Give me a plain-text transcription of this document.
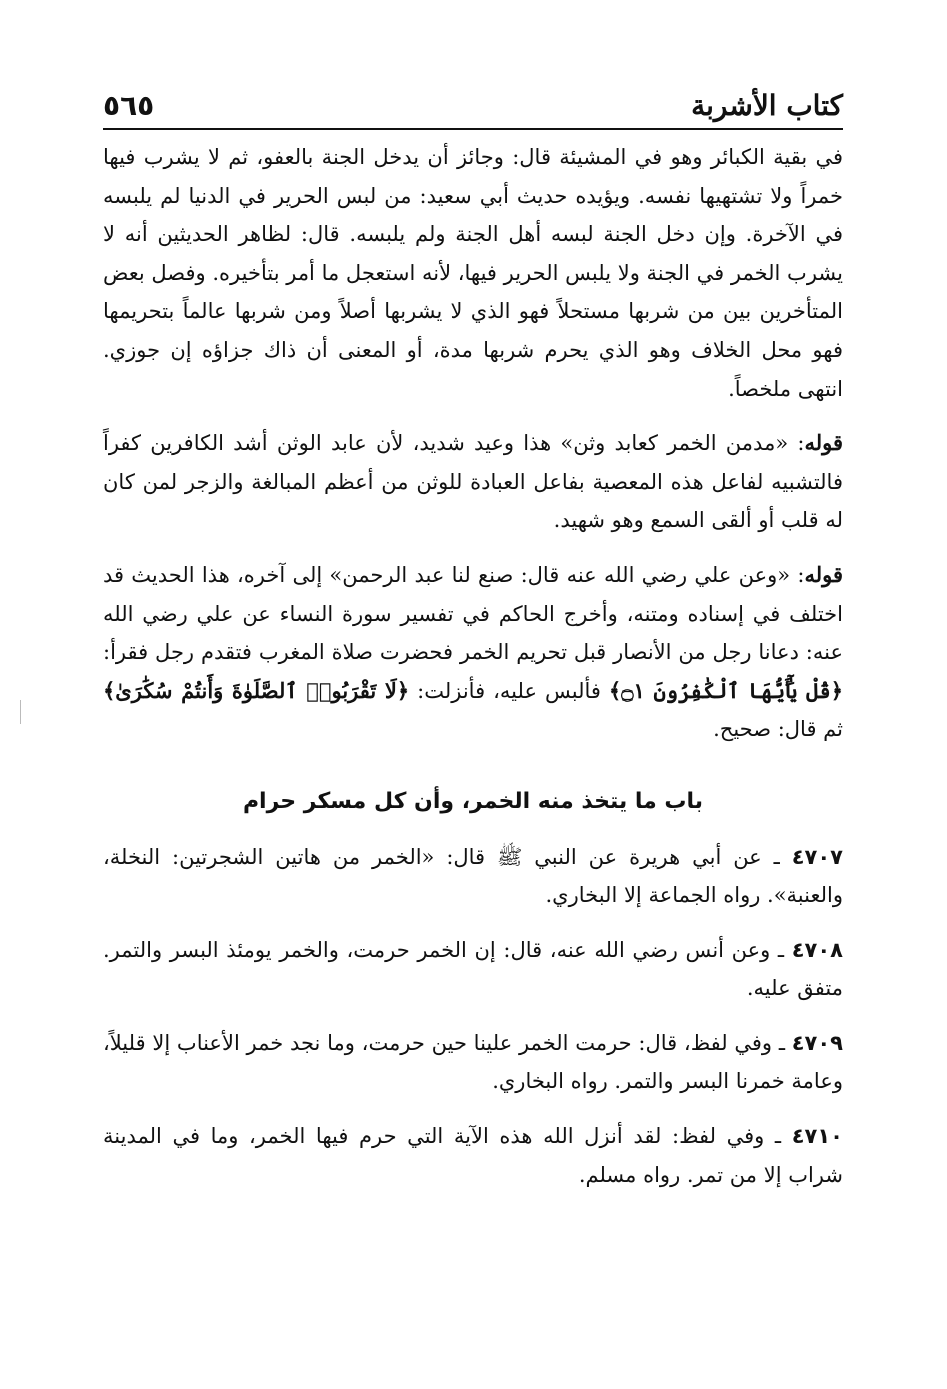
كتاب الأشربة
٥٦٥

في بقية الكبائر وهو في المشيئة قال: وجائز أن يدخل الجنة بالعفو، ثم لا يشرب فيها خمراً ولا تشتهيها نفسه. ويؤيده حديث أبي سعيد: من لبس الحرير في الدنيا لم يلبسه في الآخرة. وإن دخل الجنة لبسه أهل الجنة ولم يلبسه. قال: لظاهر الحديثين أنه لا يشرب الخمر في الجنة ولا يلبس الحرير فيها، لأنه استعجل ما أمر بتأخيره. وفصل بعض المتأخرين بين من شربها مستحلاً فهو الذي لا يشربها أصلاً ومن شربها عالماً بتحريمها فهو محل الخلاف وهو الذي يحرم شربها مدة، أو المعنى أن ذاك جزاؤه إن جوزي. انتهى ملخصاً.

قوله: «مدمن الخمر كعابد وثن» هذا وعيد شديد، لأن عابد الوثن أشد الكافرين كفراً فالتشبيه لفاعل هذه المعصية بفاعل العبادة للوثن من أعظم المبالغة والزجر لمن كان له قلب أو ألقى السمع وهو شهيد.

قوله: «وعن علي رضي الله عنه قال: صنع لنا عبد الرحمن» إلى آخره، هذا الحديث قد اختلف في إسناده ومتنه، وأخرج الحاكم في تفسير سورة النساء عن علي رضي الله عنه: دعانا رجل من الأنصار قبل تحريم الخمر فحضرت صلاة المغرب فتقدم رجل فقرأ: ﴿قُلْ يَٰٓأَيُّهَا ٱلْكَٰفِرُونَ ۝١﴾ فألبس عليه، فأنزلت: ﴿لَا تَقْرَبُوا۟ ٱلصَّلَوٰةَ وَأَنتُمْ سُكَٰرَىٰ﴾ ثم قال: صحيح.

باب ما يتخذ منه الخمر، وأن كل مسكر حرام

٤٧٠٧ ـ عن أبي هريرة عن النبي ﷺ قال: «الخمر من هاتين الشجرتين: النخلة، والعنبة». رواه الجماعة إلا البخاري.

٤٧٠٨ ـ وعن أنس رضي الله عنه، قال: إن الخمر حرمت، والخمر يومئذ البسر والتمر. متفق عليه.

٤٧٠٩ ـ وفي لفظ، قال: حرمت الخمر علينا حين حرمت، وما نجد خمر الأعناب إلا قليلاً، وعامة خمرنا البسر والتمر. رواه البخاري.

٤٧١٠ ـ وفي لفظ: لقد أنزل الله هذه الآية التي حرم فيها الخمر، وما في المدينة شراب إلا من تمر. رواه مسلم.
